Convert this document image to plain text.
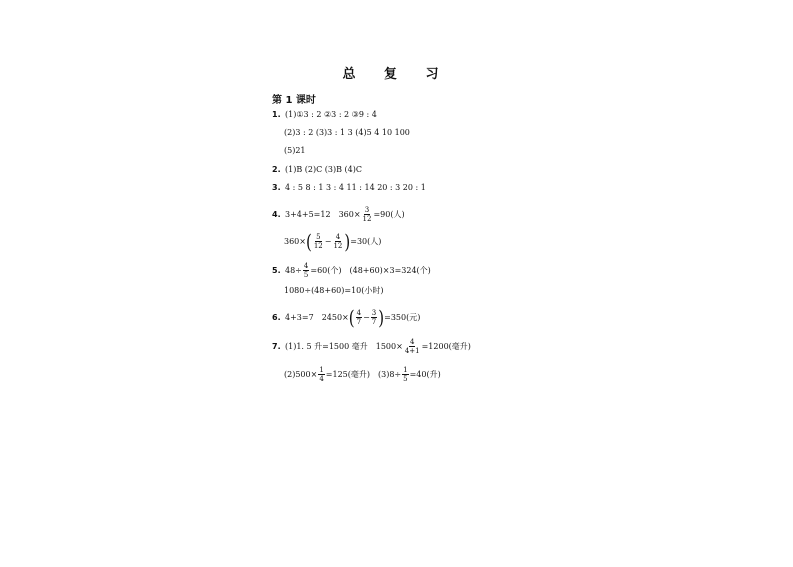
总 复 习
第 1 课时
1. (1)①3 : 2 ②3 : 2 ③9 : 4
(2)3 : 2 (3)3 : 1 3 (4)5 4 10 100
(5)21
2. (1)B (2)C (3)B (4)C
3. 4 : 5 8 : 1 3 : 4 11 : 14 20 : 3 20 : 1
4. 3+4+5=12 $360\times \frac{3}{12} =90$(人)
360× ( $\frac{5}{12} - \frac{4}{12}$ ) =30(人)
5. $48\div \frac{4}{5} =60$(个) (48+60)×3=324(个)
1080÷(48+60)=10(小时)
6. 4+3=7 2450× ( $\frac{4}{7} - \frac{3}{7}$ ) =350(元)
7. (1)1. 5 升=1500 毫升 $1500\times \frac{4}{4+1} =1200$(毫升)
$(2)500\times \frac{1}{4} =125$(毫升) $(3)8\div \frac{1}{5} =40$(升)
